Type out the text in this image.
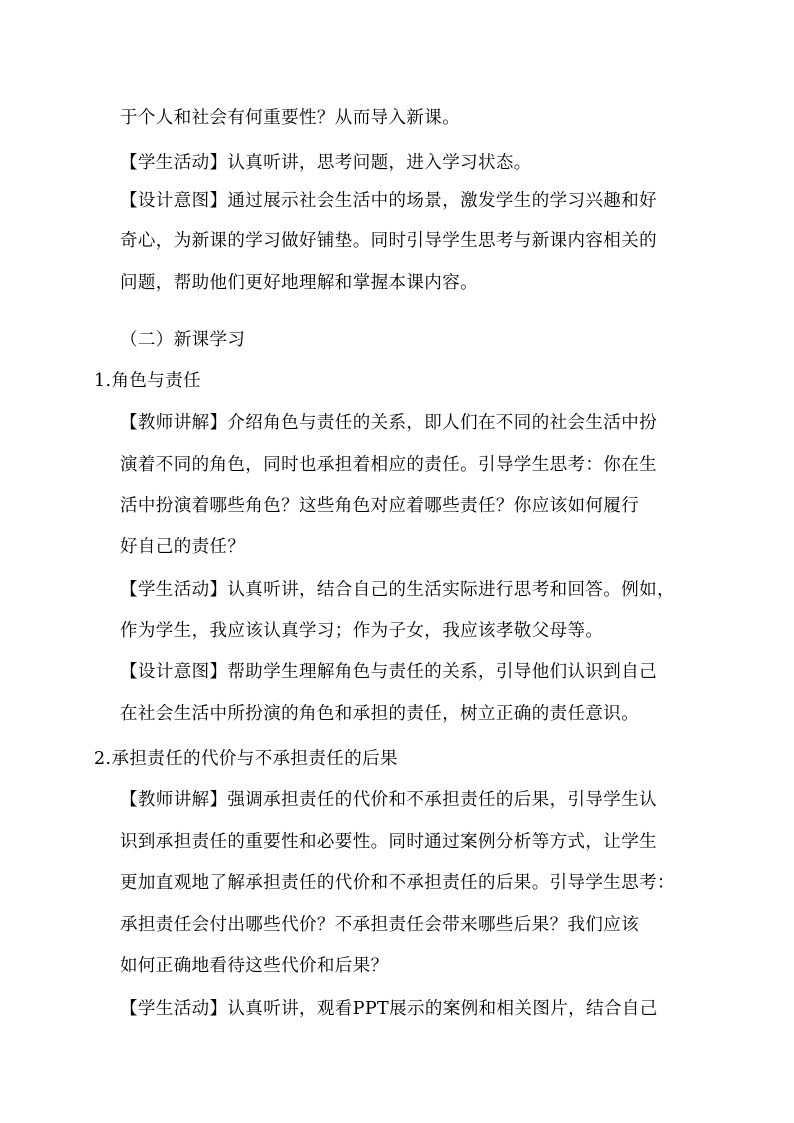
于个人和社会有何重要性？从而导入新课。
【学生活动】认真听讲，思考问题，进入学习状态。
【设计意图】通过展示社会生活中的场景，激发学生的学习兴趣和好
奇心，为新课的学习做好铺垫。同时引导学生思考与新课内容相关的
问题，帮助他们更好地理解和掌握本课内容。
（二）新课学习
1.角色与责任
【教师讲解】介绍角色与责任的关系，即人们在不同的社会生活中扮
演着不同的角色，同时也承担着相应的责任。引导学生思考：你在生
活中扮演着哪些角色？这些角色对应着哪些责任？你应该如何履行
好自己的责任？
【学生活动】认真听讲，结合自己的生活实际进行思考和回答。例如，
作为学生，我应该认真学习；作为子女，我应该孝敬父母等。
【设计意图】帮助学生理解角色与责任的关系，引导他们认识到自己
在社会生活中所扮演的角色和承担的责任，树立正确的责任意识。
2.承担责任的代价与不承担责任的后果
【教师讲解】强调承担责任的代价和不承担责任的后果，引导学生认
识到承担责任的重要性和必要性。同时通过案例分析等方式，让学生
更加直观地了解承担责任的代价和不承担责任的后果。引导学生思考：
承担责任会付出哪些代价？不承担责任会带来哪些后果？我们应该
如何正确地看待这些代价和后果？
【学生活动】认真听讲，观看PPT展示的案例和相关图片，结合自己
